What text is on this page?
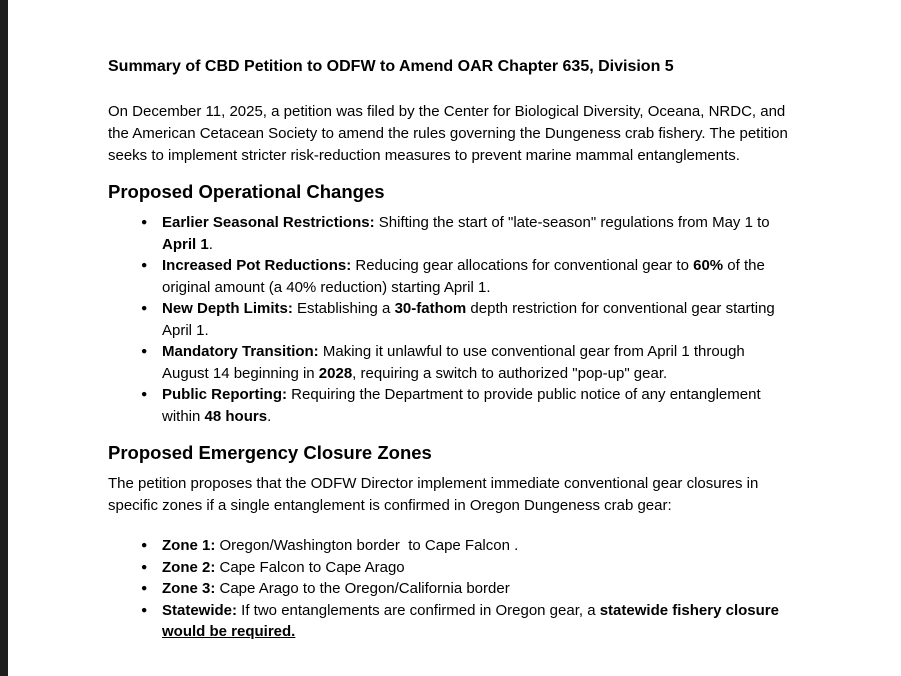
Summary of CBD Petition to ODFW to Amend OAR Chapter 635, Division 5

On December 11, 2025, a petition was filed by the Center for Biological Diversity, Oceana, NRDC, and the American Cetacean Society to amend the rules governing the Dungeness crab fishery. The petition seeks to implement stricter risk-reduction measures to prevent marine mammal entanglements.

Proposed Operational Changes
● Earlier Seasonal Restrictions: Shifting the start of "late-season" regulations from May 1 to April 1.
● Increased Pot Reductions: Reducing gear allocations for conventional gear to 60% of the original amount (a 40% reduction) starting April 1.
● New Depth Limits: Establishing a 30-fathom depth restriction for conventional gear starting April 1.
● Mandatory Transition: Making it unlawful to use conventional gear from April 1 through August 14 beginning in 2028, requiring a switch to authorized "pop-up" gear.
● Public Reporting: Requiring the Department to provide public notice of any entanglement within 48 hours.
Proposed Emergency Closure Zones

The petition proposes that the ODFW Director implement immediate conventional gear closures in specific zones if a single entanglement is confirmed in Oregon Dungeness crab gear:

● Zone 1: Oregon/Washington border  to Cape Falcon .
● Zone 2: Cape Falcon to Cape Arago
● Zone 3: Cape Arago to the Oregon/California border
● Statewide: If two entanglements are confirmed in Oregon gear, a statewide fishery closure would be required.
